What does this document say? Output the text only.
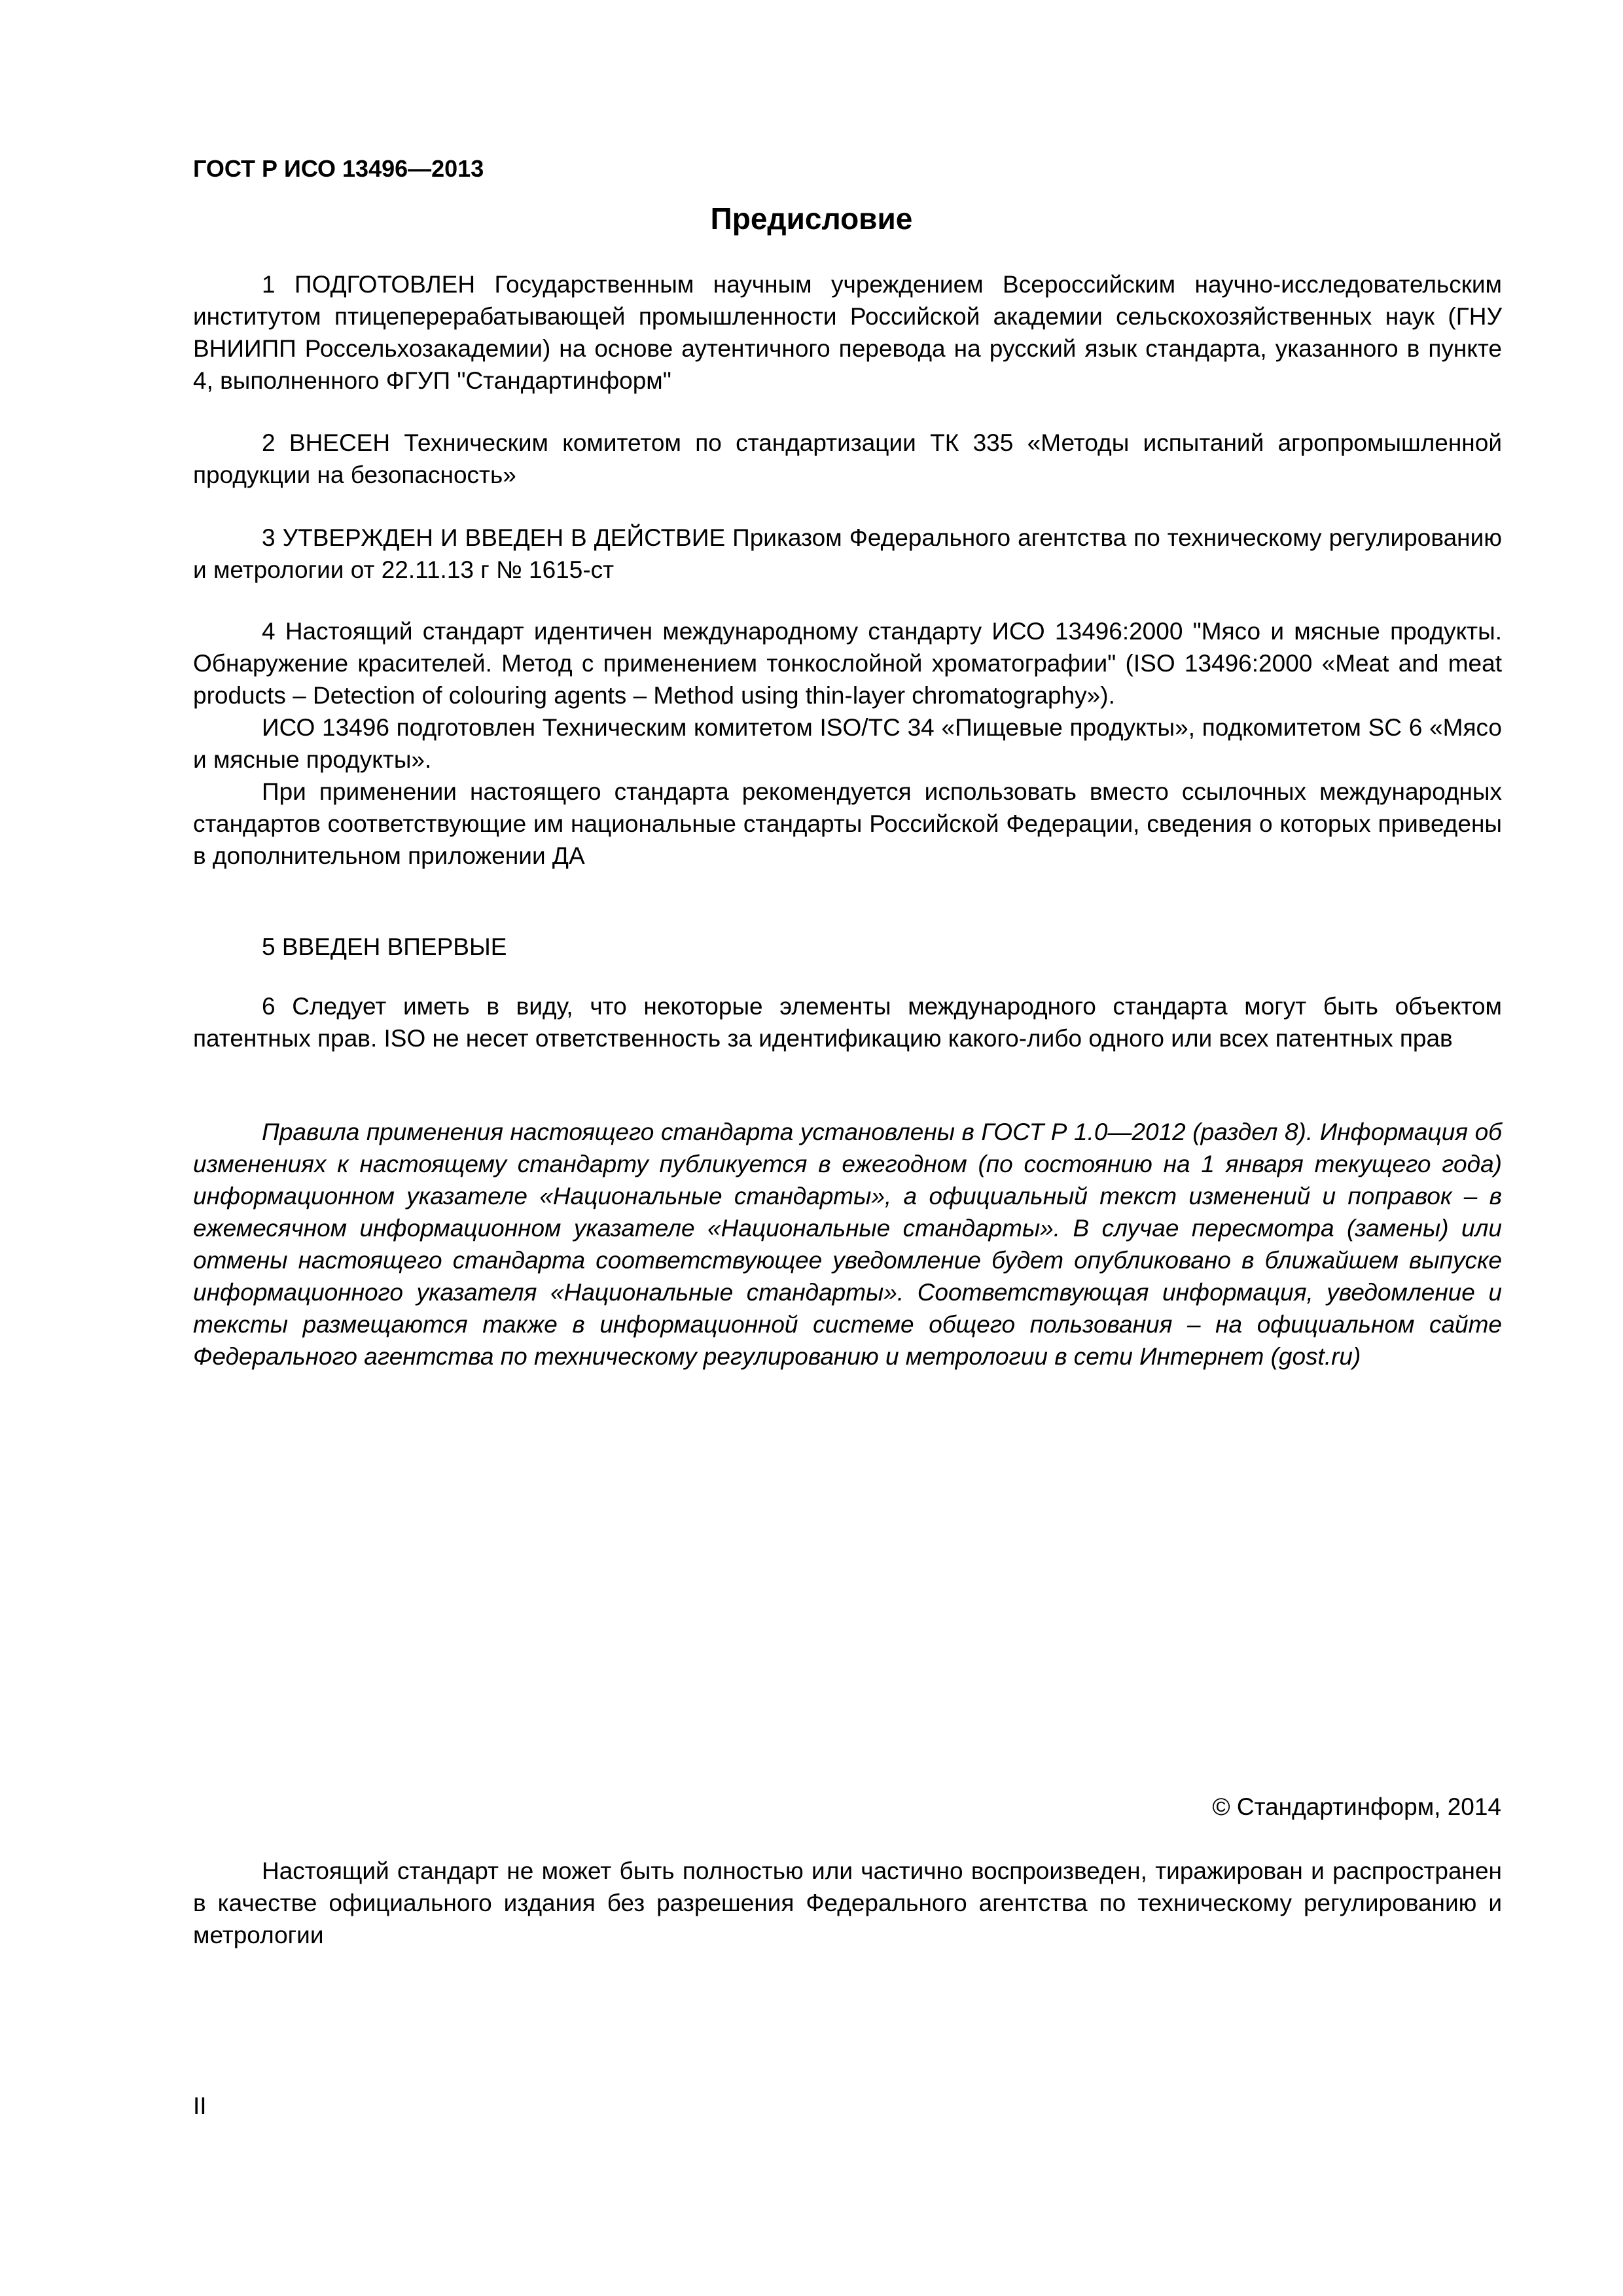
ГОСТ Р ИСО 13496—2013
Предисловие
1 ПОДГОТОВЛЕН Государственным научным учреждением Всероссийским научно-исследовательским институтом птицеперерабатывающей промышленности Российской академии сельскохозяйственных наук (ГНУ ВНИИПП Россельхозакадемии) на основе аутентичного перевода на русский язык стандарта, указанного в пункте 4, выполненного ФГУП "Стандартинформ"
2 ВНЕСЕН Техническим комитетом по стандартизации ТК 335 «Методы испытаний агропромышленной продукции на безопасность»
3 УТВЕРЖДЕН И ВВЕДЕН В ДЕЙСТВИЕ Приказом Федерального агентства по техническому регулированию и метрологии от 22.11.13 г № 1615-ст

4 Настоящий стандарт идентичен международному стандарту ИСО 13496:2000 "Мясо и мясные продукты. Обнаружение красителей. Метод с применением тонкослойной хроматографии" (ISO 13496:2000 «Meat and meat products – Detection of colouring agents – Method using thin-layer chromatography»).

ИСО 13496 подготовлен Техническим комитетом ISO/TC 34 «Пищевые продукты», подкомитетом SC 6 «Мясо и мясные продукты».

При применении настоящего стандарта рекомендуется использовать вместо ссылочных международных стандартов соответствующие им национальные стандарты Российской Федерации, сведения о которых приведены в дополнительном приложении ДА

5 ВВЕДЕН ВПЕРВЫЕ
6 Следует иметь в виду, что некоторые элементы международного стандарта могут быть объектом патентных прав. ISO не несет ответственность за идентификацию какого-либо одного или всех патентных прав
Правила применения настоящего стандарта установлены в ГОСТ Р 1.0—2012 (раздел 8). Информация об изменениях к настоящему стандарту публикуется в ежегодном (по состоянию на 1 января текущего года) информационном указателе «Национальные стандарты», а официальный текст изменений и поправок – в ежемесячном информационном указателе «Национальные стандарты». В случае пересмотра (замены) или отмены настоящего стандарта соответствующее уведомление будет опубликовано в ближайшем выпуске информационного указателя «Национальные стандарты». Соответствующая информация, уведомление и тексты размещаются также в информационной системе общего пользования – на официальном сайте Федерального агентства по техническому регулированию и метрологии в сети Интернет (gost.ru)
© Стандартинформ, 2014
Настоящий стандарт не может быть полностью или частично воспроизведен, тиражирован и распространен в качестве официального издания без разрешения Федерального агентства по техническому регулированию и метрологии
II
